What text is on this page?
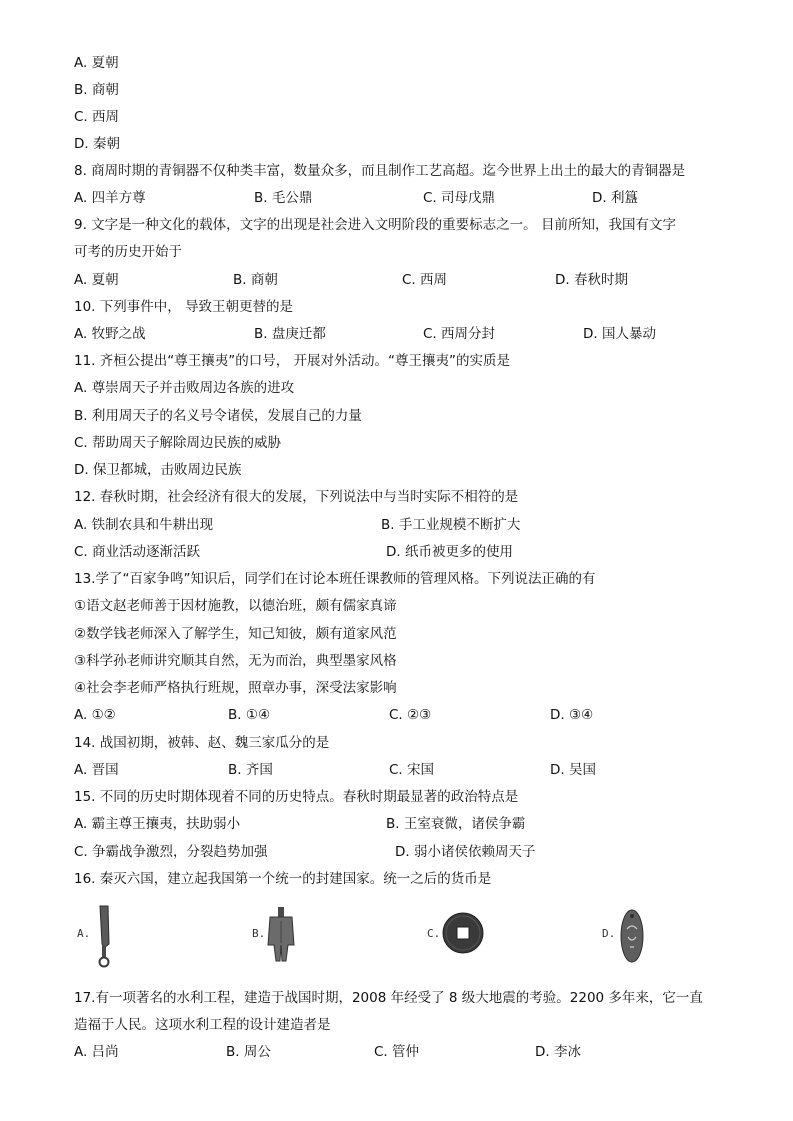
A. 夏朝
B. 商朝
C. 西周
D. 秦朝
8. 商周时期的青铜器不仅种类丰富，数量众多，而且制作工艺高超。迄今世界上出土的最大的青铜器是
A. 四羊方尊	B. 毛公鼎	C. 司母戊鼎	D. 利簋
9. 文字是一种文化的载体，文字的出现是社会进入文明阶段的重要标志之一。 目前所知，我国有文字
可考的历史开始于
A. 夏朝	B. 商朝	C. 西周	D. 春秋时期
10. 下列事件中， 导致王朝更替的是
A. 牧野之战	B. 盘庚迁都	C. 西周分封	D. 国人暴动
11. 齐桓公提出“尊王攘夷”的口号， 开展对外活动。“尊王攘夷”的实质是
A. 尊崇周天子并击败周边各族的进攻
B. 利用周天子的名义号令诸侯，发展自己的力量
C. 帮助周天子解除周边民族的威胁
D. 保卫都城，击败周边民族
12. 春秋时期，社会经济有很大的发展，下列说法中与当时实际不相符的是
A. 铁制农具和牛耕出现	B. 手工业规模不断扩大
C. 商业活动逐渐活跃	D. 纸币被更多的使用
13.学了“百家争鸣”知识后，同学们在讨论本班任课教师的管理风格。下列说法正确的有
①语文赵老师善于因材施教，以德治班，颇有儒家真谛
②数学钱老师深入了解学生，知己知彼，颇有道家风范
③科学孙老师讲究顺其自然，无为而治，典型墨家风格
④社会李老师严格执行班规，照章办事，深受法家影响
A. ①②	B. ①④	C. ②③	D. ③④
14. 战国初期，被韩、赵、魏三家瓜分的是
A. 晋国	B. 齐国	C. 宋国	D. 吴国
15. 不同的历史时期体现着不同的历史特点。春秋时期最显著的政治特点是
A. 霸主尊王攘夷，扶助弱小	B. 王室衰微，诸侯争霸
C. 争霸战争激烈，分裂趋势加强	D. 弱小诸侯依赖周天子
16. 秦灭六国，建立起我国第一个统一的封建国家。统一之后的货币是
A.	B.	C.	D.
17.有一项著名的水利工程，建造于战国时期，2008 年经受了 8 级大地震的考验。2200 多年来，它一直
造福于人民。这项水利工程的设计建造者是
A. 吕尚	B. 周公	C. 管仲	D. 李冰
